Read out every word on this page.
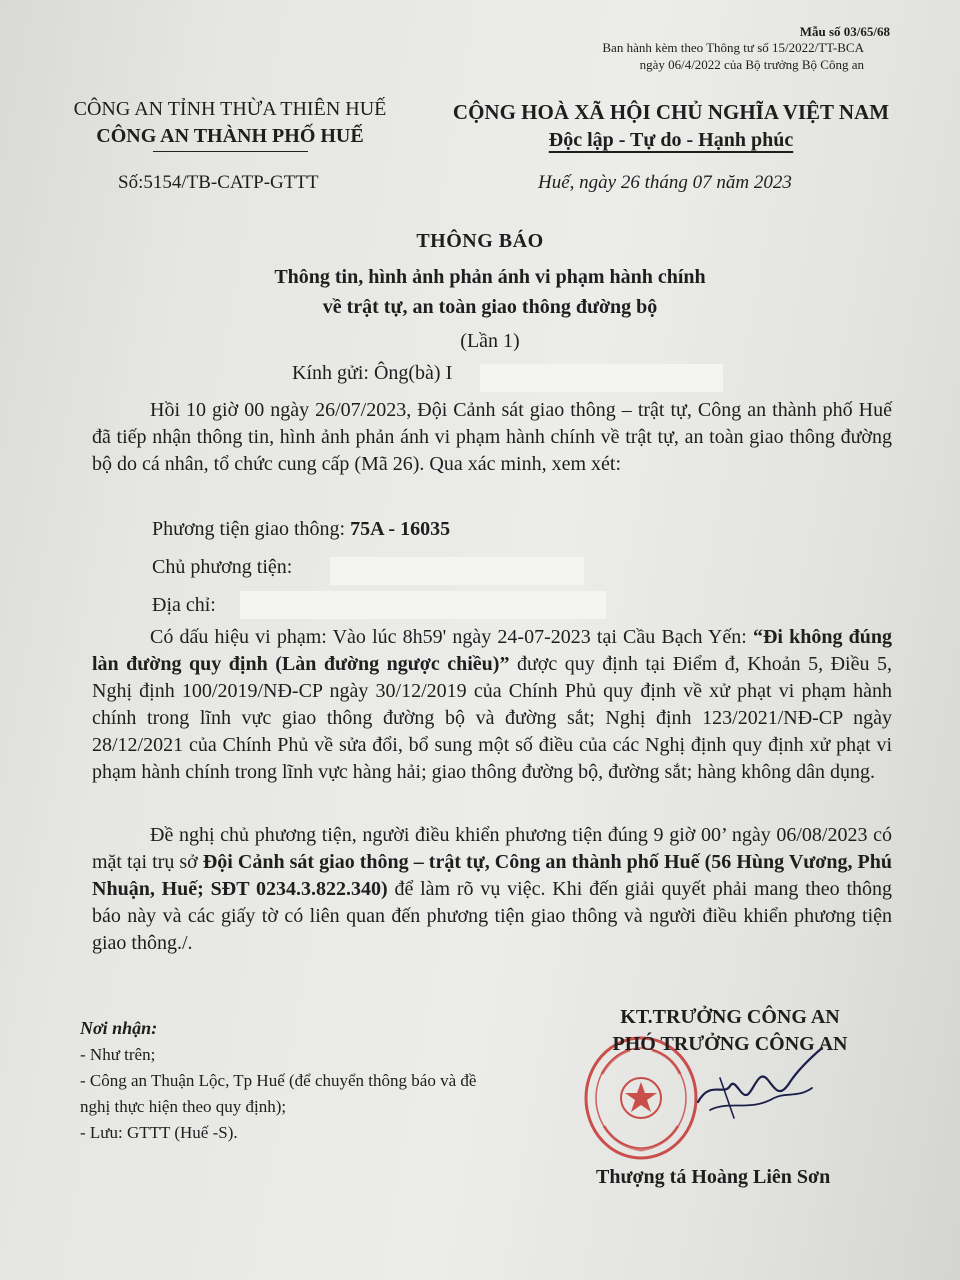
Mẫu số 03/65/68
Ban hành kèm theo Thông tư số 15/2022/TT-BCA
ngày 06/4/2022 của Bộ trưởng Bộ Công an
CÔNG AN TỈNH THỪA THIÊN HUẾ
CÔNG AN THÀNH PHỐ HUẾ
CỘNG HOÀ XÃ HỘI CHỦ NGHĨA VIỆT NAM
Độc lập - Tự do - Hạnh phúc
Số:5154/TB-CATP-GTTT	Huế, ngày 26 tháng 07 năm 2023
THÔNG BÁO
Thông tin, hình ảnh phản ánh vi phạm hành chính
về trật tự, an toàn giao thông đường bộ
(Lần 1)
Kính gửi: Ông(bà) I
Hồi 10 giờ 00 ngày 26/07/2023, Đội Cảnh sát giao thông – trật tự, Công an thành phố Huế đã tiếp nhận thông tin, hình ảnh phản ánh vi phạm hành chính về trật tự, an toàn giao thông đường bộ do cá nhân, tổ chức cung cấp (Mã 26). Qua xác minh, xem xét:
Phương tiện giao thông: 75A - 16035
Chủ phương tiện:
Địa chỉ:
Có dấu hiệu vi phạm: Vào lúc 8h59' ngày 24-07-2023 tại Cầu Bạch Yến: “Đi không đúng làn đường quy định (Làn đường ngược chiều)” được quy định tại Điểm đ, Khoản 5, Điều 5, Nghị định 100/2019/NĐ-CP ngày 30/12/2019 của Chính Phủ quy định về xử phạt vi phạm hành chính trong lĩnh vực giao thông đường bộ và đường sắt; Nghị định 123/2021/NĐ-CP ngày 28/12/2021 của Chính Phủ về sửa đổi, bổ sung một số điều của các Nghị định quy định xử phạt vi phạm hành chính trong lĩnh vực hàng hải; giao thông đường bộ, đường sắt; hàng không dân dụng.
Đề nghị chủ phương tiện, người điều khiển phương tiện đúng 9 giờ 00’ ngày 06/08/2023 có mặt tại trụ sở Đội Cảnh sát giao thông – trật tự, Công an thành phố Huế (56 Hùng Vương, Phú Nhuận, Huế; SĐT 0234.3.822.340) để làm rõ vụ việc. Khi đến giải quyết phải mang theo thông báo này và các giấy tờ có liên quan đến phương tiện giao thông và người điều khiển phương tiện giao thông./.
Nơi nhận:
- Như trên;
- Công an Thuận Lộc, Tp Huế (để chuyển thông báo và đề nghị thực hiện theo quy định);
- Lưu: GTTT (Huế -S).
KT.TRƯỞNG CÔNG AN
PHÓ TRƯỞNG CÔNG AN
Thượng tá Hoàng Liên Sơn
